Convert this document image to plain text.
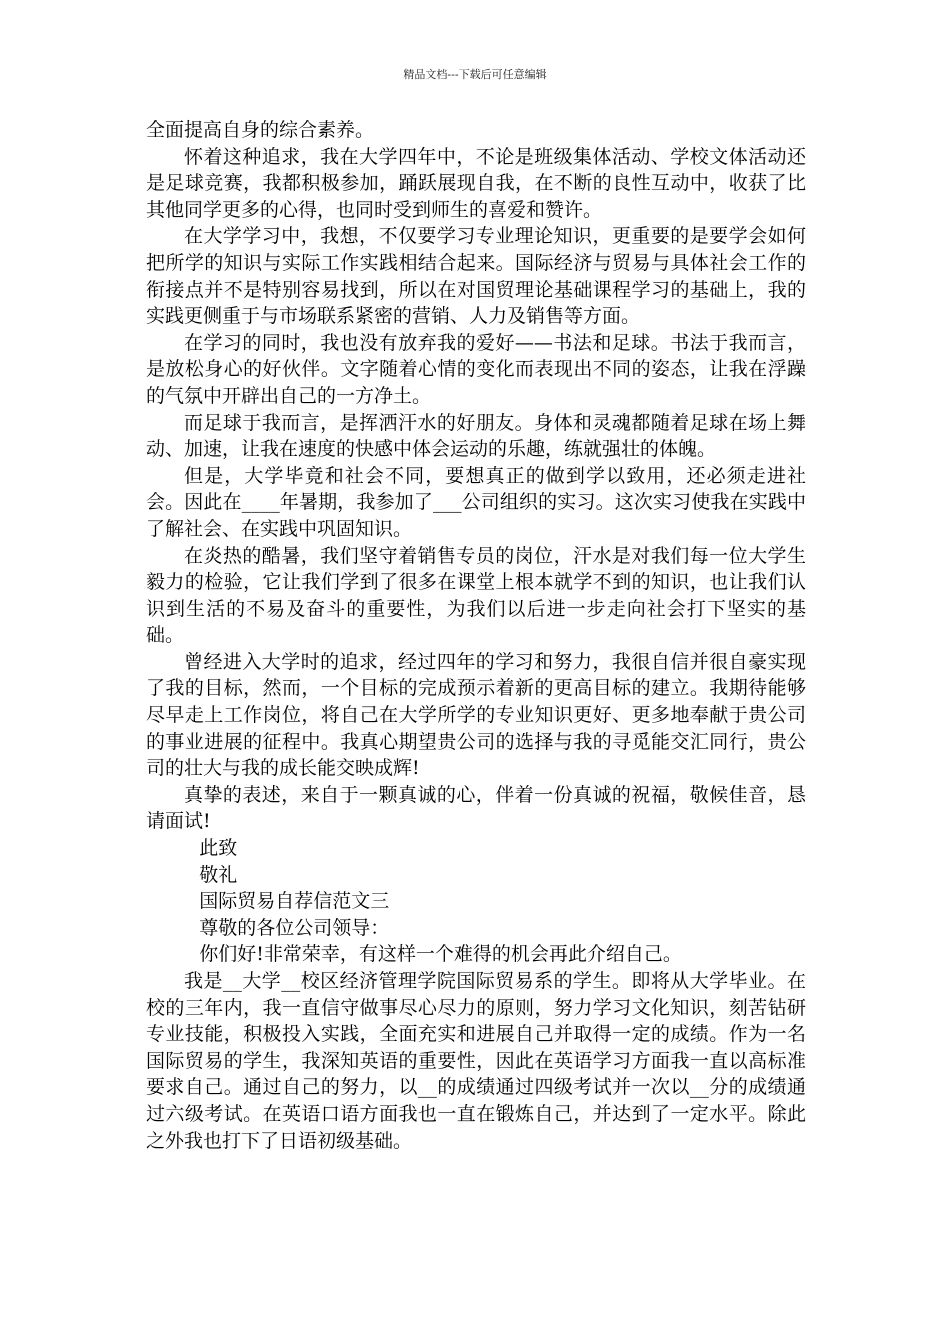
精品文档---下载后可任意编辑

全面提高自身的综合素养。

怀着这种追求，我在大学四年中，不论是班级集体活动、学校文体活动还是足球竞赛，我都积极参加，踊跃展现自我，在不断的良性互动中，收获了比其他同学更多的心得，也同时受到师生的喜爱和赞许。

在大学学习中，我想，不仅要学习专业理论知识，更重要的是要学会如何把所学的知识与实际工作实践相结合起来。国际经济与贸易与具体社会工作的衔接点并不是特别容易找到，所以在对国贸理论基础课程学习的基础上，我的实践更侧重于与市场联系紧密的营销、人力及销售等方面。

在学习的同时，我也没有放弃我的爱好——书法和足球。书法于我而言，是放松身心的好伙伴。文字随着心情的变化而表现出不同的姿态，让我在浮躁的气氛中开辟出自己的一方净土。

而足球于我而言，是挥洒汗水的好朋友。身体和灵魂都随着足球在场上舞动、加速，让我在速度的快感中体会运动的乐趣，练就强壮的体魄。

但是，大学毕竟和社会不同，要想真正的做到学以致用，还必须走进社会。因此在____年暑期，我参加了___公司组织的实习。这次实习使我在实践中了解社会、在实践中巩固知识。

在炎热的酷暑，我们坚守着销售专员的岗位，汗水是对我们每一位大学生毅力的检验，它让我们学到了很多在课堂上根本就学不到的知识，也让我们认识到生活的不易及奋斗的重要性，为我们以后进一步走向社会打下坚实的基础。

曾经进入大学时的追求，经过四年的学习和努力，我很自信并很自豪实现了我的目标，然而，一个目标的完成预示着新的更高目标的建立。我期待能够尽早走上工作岗位，将自己在大学所学的专业知识更好、更多地奉献于贵公司的事业进展的征程中。我真心期望贵公司的选择与我的寻觅能交汇同行，贵公司的壮大与我的成长能交映成辉!

真挚的表述，来自于一颗真诚的心，伴着一份真诚的祝福，敬候佳音，恳请面试!

此致

敬礼

国际贸易自荐信范文三

尊敬的各位公司领导：

你们好!非常荣幸，有这样一个难得的机会再此介绍自己。

我是__大学__校区经济管理学院国际贸易系的学生。即将从大学毕业。在校的三年内，我一直信守做事尽心尽力的原则，努力学习文化知识，刻苦钻研专业技能，积极投入实践，全面充实和进展自己并取得一定的成绩。作为一名国际贸易的学生，我深知英语的重要性，因此在英语学习方面我一直以高标准要求自己。通过自己的努力，以__的成绩通过四级考试并一次以__分的成绩通过六级考试。在英语口语方面我也一直在锻炼自己，并达到了一定水平。除此之外我也打下了日语初级基础。
